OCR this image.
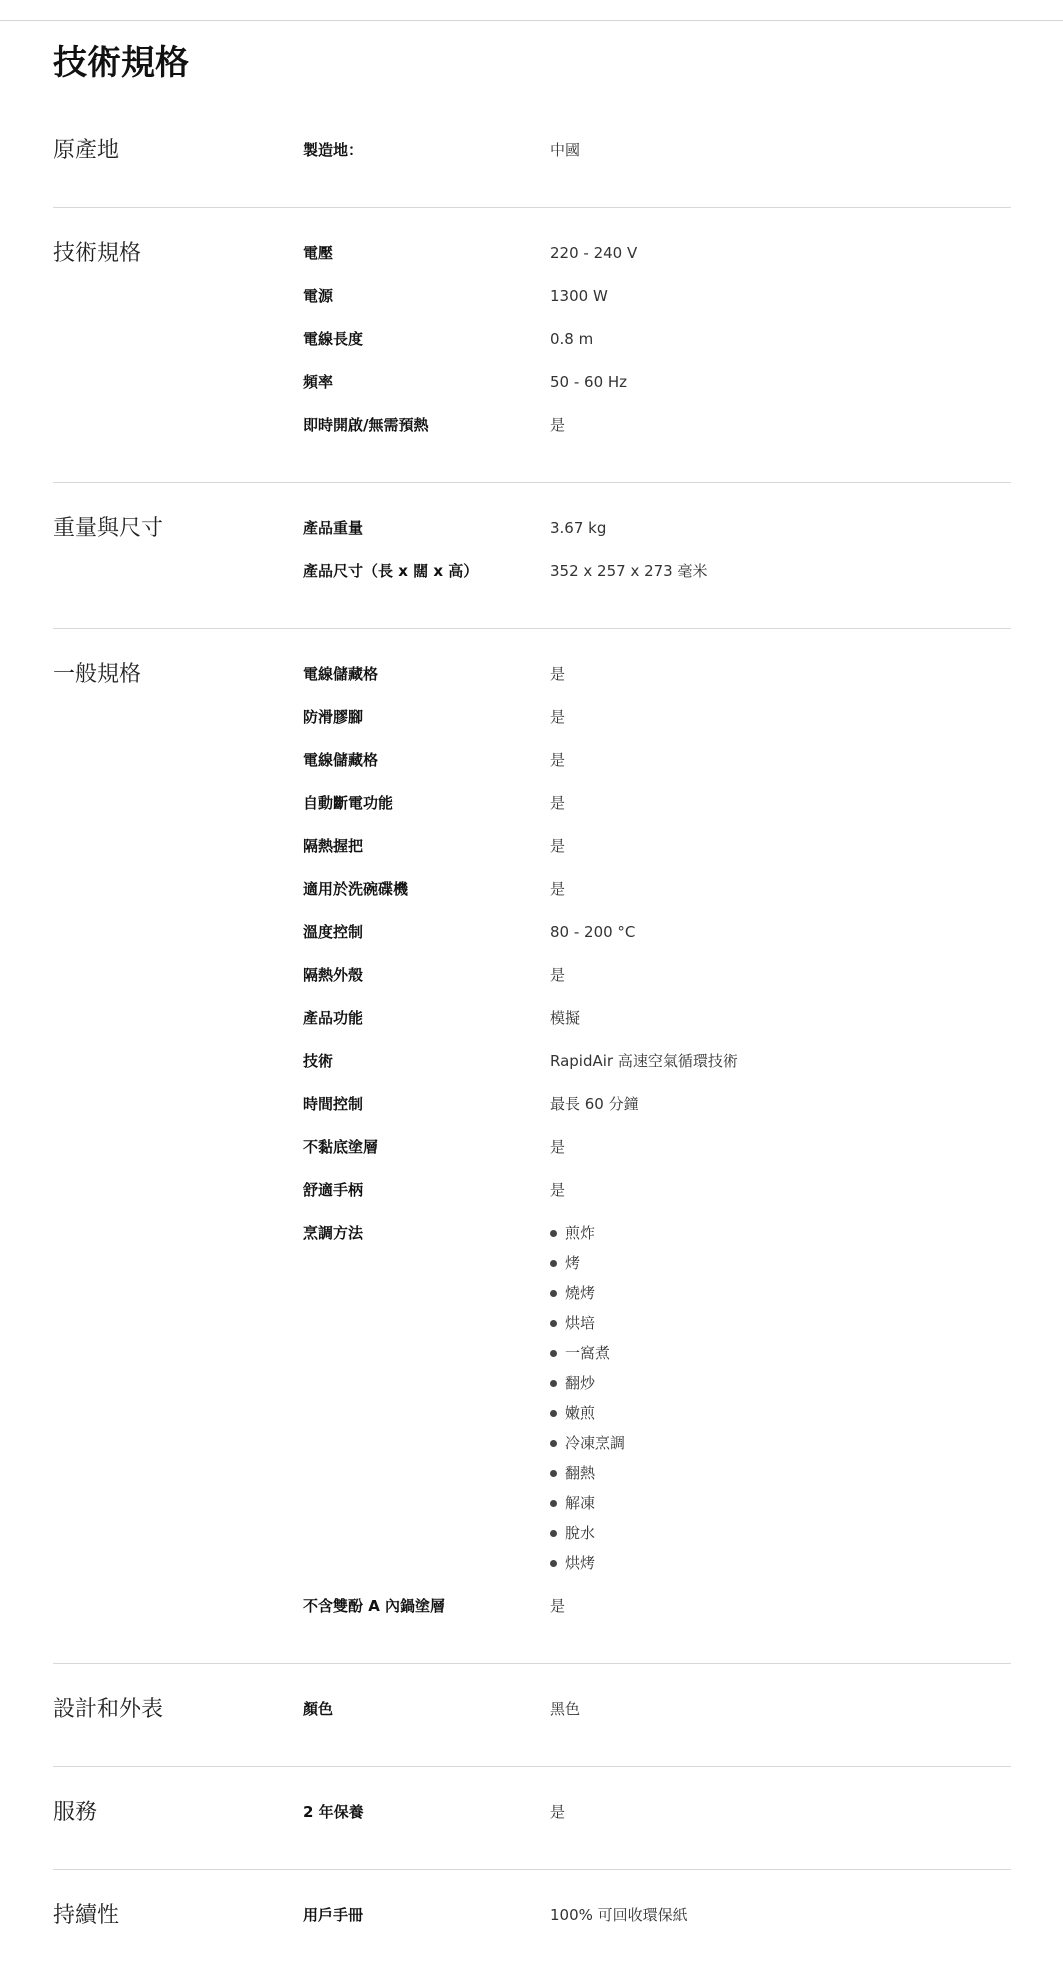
技術規格
原產地	製造地：	中國
技術規格	電壓	220 - 240 V
電源	1300 W
電線長度	0.8 m
頻率	50 - 60 Hz
即時開啟/無需預熱	是
重量與尺寸	產品重量	3.67 kg
產品尺寸（長 x 闊 x 高）	352 x 257 x 273 毫米
一般規格	電線儲藏格	是
防滑膠腳	是
電線儲藏格	是
自動斷電功能	是
隔熱握把	是
適用於洗碗碟機	是
溫度控制	80 - 200 °C
隔熱外殼	是
產品功能	模擬
技術	RapidAir 高速空氣循環技術
時間控制	最長 60 分鐘
不黏底塗層	是
舒適手柄	是
烹調方法	煎炸
烤
燒烤
烘培
一窩煮
翻炒
嫩煎
冷凍烹調
翻熱
解凍
脫水
烘烤
不含雙酚 A 內鍋塗層	是
設計和外表	顏色	黑色
服務	2 年保養	是
持續性	用戶手冊	100% 可回收環保紙
